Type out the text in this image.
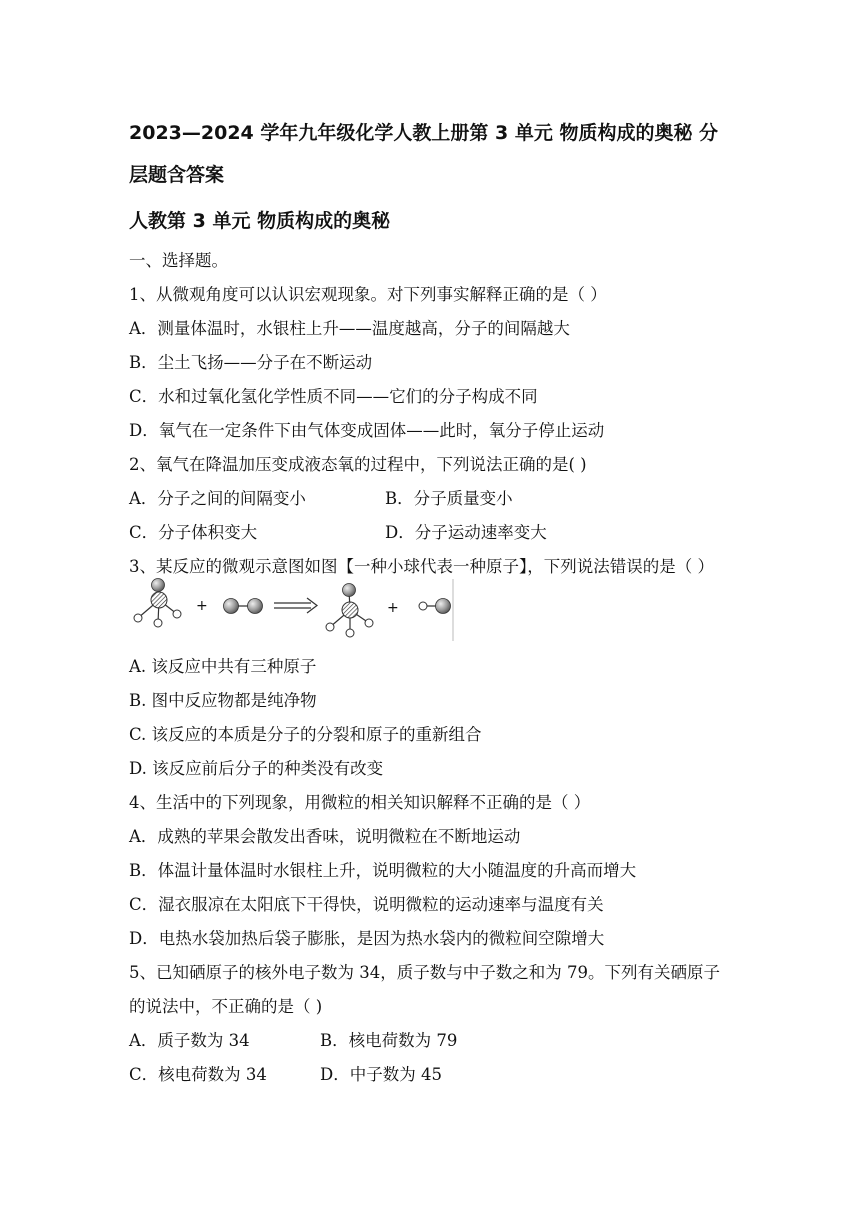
2023—2024 学年九年级化学人教上册第 3 单元 物质构成的奥秘 分
层题含答案
人教第 3 单元 物质构成的奥秘
一、选择题。
1、从微观角度可以认识宏观现象。对下列事实解释正确的是（ ）
A．测量体温时，水银柱上升——温度越高，分子的间隔越大
B．尘土飞扬——分子在不断运动
C．水和过氧化氢化学性质不同——它们的分子构成不同
D．氧气在一定条件下由气体变成固体——此时，氧分子停止运动
2、氧气在降温加压变成液态氧的过程中，下列说法正确的是( )
A．分子之间的间隔变小	B．分子质量变小
C．分子体积变大	D．分子运动速率变大
3、某反应的微观示意图如图【一种小球代表一种原子】，下列说法错误的是（ ）
+	+
A. 该反应中共有三种原子
B. 图中反应物都是纯净物
C. 该反应的本质是分子的分裂和原子的重新组合
D. 该反应前后分子的种类没有改变
4、生活中的下列现象，用微粒的相关知识解释不正确的是（ ）
A．成熟的苹果会散发出香味，说明微粒在不断地运动
B．体温计量体温时水银柱上升，说明微粒的大小随温度的升高而增大
C．湿衣服凉在太阳底下干得快，说明微粒的运动速率与温度有关
D．电热水袋加热后袋子膨胀，是因为热水袋内的微粒间空隙增大
5、已知硒原子的核外电子数为 34，质子数与中子数之和为 79。下列有关硒原子
的说法中，不正确的是（ )
A．质子数为 34	B．核电荷数为 79
C．核电荷数为 34	D．中子数为 45
